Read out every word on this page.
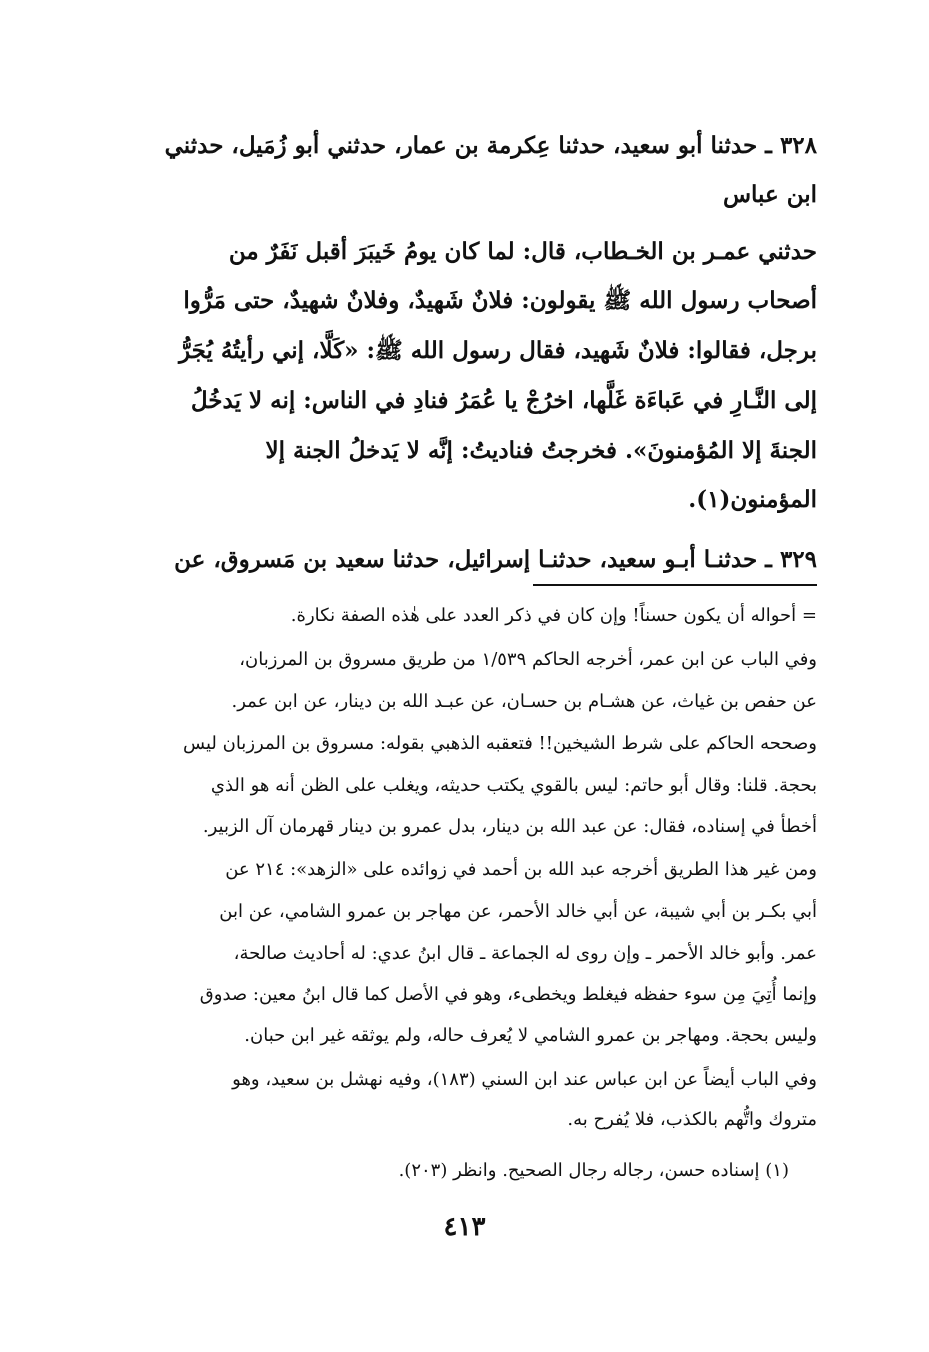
٣٢٨ ـ حدثنا أبو سعيد، حدثنا عِكرمة بن عمار، حدثني أبو زُمَيل، حدثني
ابن عباس
حدثني عمـر بن الخـطاب، قال: لما كان يومُ خَيبَرَ أقبل نَفَرٌ من
أصحاب رسول الله ﷺ يقولون: فلانٌ شَهيدٌ، وفلانٌ شهيدٌ، حتى مَرُّوا
برجل، فقالوا: فلانٌ شَهيد، فقال رسول الله ﷺ: «كَلَّا، إني رأيتُهُ يُجَرُّ
إلى النَّـارِ في عَباءَة غَلَّها، اخرُجْ يا عُمَرُ فنادِ في الناس: إنه لا يَدخُلُ
الجنةَ إلا المُؤمنونَ». فخرجتُ فناديتُ: إنَّه لا يَدخلُ الجنة إلا
المؤمنون(١).
٣٢٩ ـ حدثنـا أبـو سعيد، حدثنـا إسرائيل، حدثنا سعيد بن مَسروق، عن
= أحواله أن يكون حسناً! وإن كان في ذكر العدد على هٰذه الصفة نكارة.
وفي الباب عن ابن عمر، أخرجه الحاكم ١/٥٣٩ من طريق مسروق بن المرزبان،
عن حفص بن غياث، عن هشـام بن حسـان، عن عبـد الله بن دينار، عن ابن عمر.
وصححه الحاكم على شرط الشيخين!! فتعقبه الذهبي بقوله: مسروق بن المرزبان ليس
بحجة. قلنا: وقال أبو حاتم: ليس بالقوي يكتب حديثه، ويغلب على الظن أنه هو الذي
أخطأ في إسناده، فقال: عن عبد الله بن دينار، بدل عمرو بن دينار قهرمان آل الزبير.
ومن غير هذا الطريق أخرجه عبد الله بن أحمد في زوائده على «الزهد»: ٢١٤ عن
أبي بكـر بن أبي شيبة، عن أبي خالد الأحمر، عن مهاجر بن عمرو الشامي، عن ابن
عمر. وأبو خالد الأحمر ـ وإن روى له الجماعة ـ قال ابنُ عدي: له أحاديث صالحة،
وإنما أُتِيَ مِن سوء حفظه فيغلط ويخطىء، وهو في الأصل كما قال ابنُ معين: صدوق
وليس بحجة. ومهاجر بن عمرو الشامي لا يُعرف حاله، ولم يوثقه غير ابن حبان.
وفي الباب أيضاً عن ابن عباس عند ابن السني (١٨٣)، وفيه نهشل بن سعيد، وهو
متروك واتُّهم بالكذب، فلا يُفرح به.
(١) إسناده حسن، رجاله رجال الصحيح. وانظر (٢٠٣).
٤١٣
